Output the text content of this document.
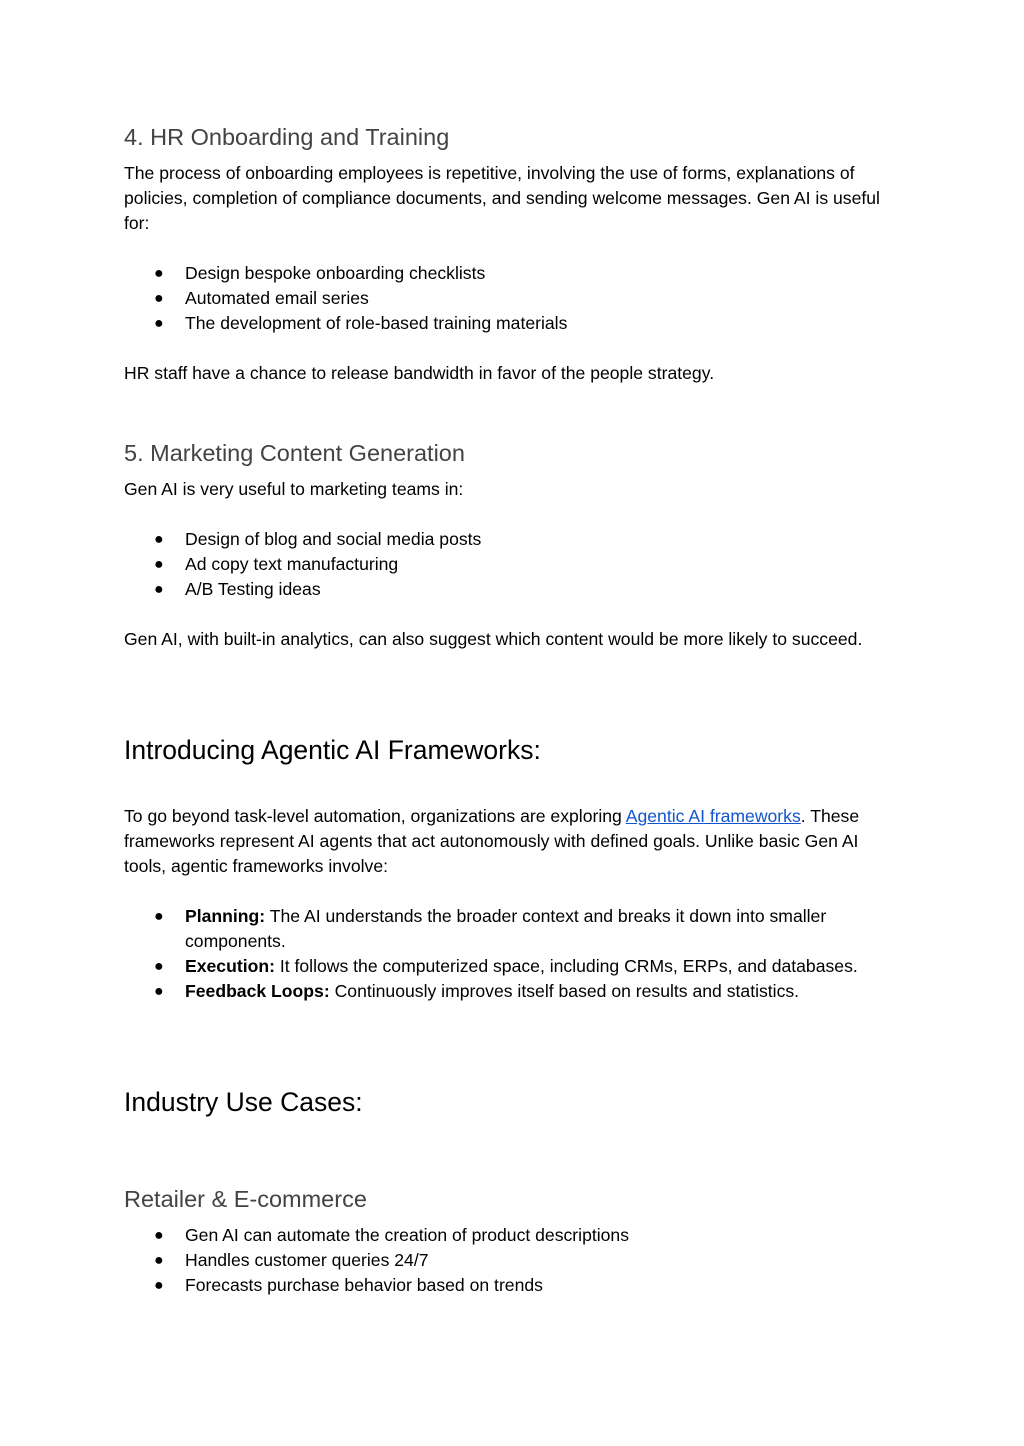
4. HR Onboarding and Training

The process of onboarding employees is repetitive, involving the use of forms, explanations of policies, completion of compliance documents, and sending welcome messages. Gen AI is useful for:

● Design bespoke onboarding checklists
● Automated email series
● The development of role-based training materials

HR staff have a chance to release bandwidth in favor of the people strategy.

5. Marketing Content Generation

Gen AI is very useful to marketing teams in:

● Design of blog and social media posts
● Ad copy text manufacturing
● A/B Testing ideas

Gen AI, with built-in analytics, can also suggest which content would be more likely to succeed.

Introducing Agentic AI Frameworks:

To go beyond task-level automation, organizations are exploring Agentic AI frameworks. These frameworks represent AI agents that act autonomously with defined goals. Unlike basic Gen AI tools, agentic frameworks involve:

● Planning: The AI understands the broader context and breaks it down into smaller components.
● Execution: It follows the computerized space, including CRMs, ERPs, and databases.
● Feedback Loops: Continuously improves itself based on results and statistics.
Industry Use Cases:
Retailer & E-commerce
● Gen AI can automate the creation of product descriptions
● Handles customer queries 24/7
● Forecasts purchase behavior based on trends
